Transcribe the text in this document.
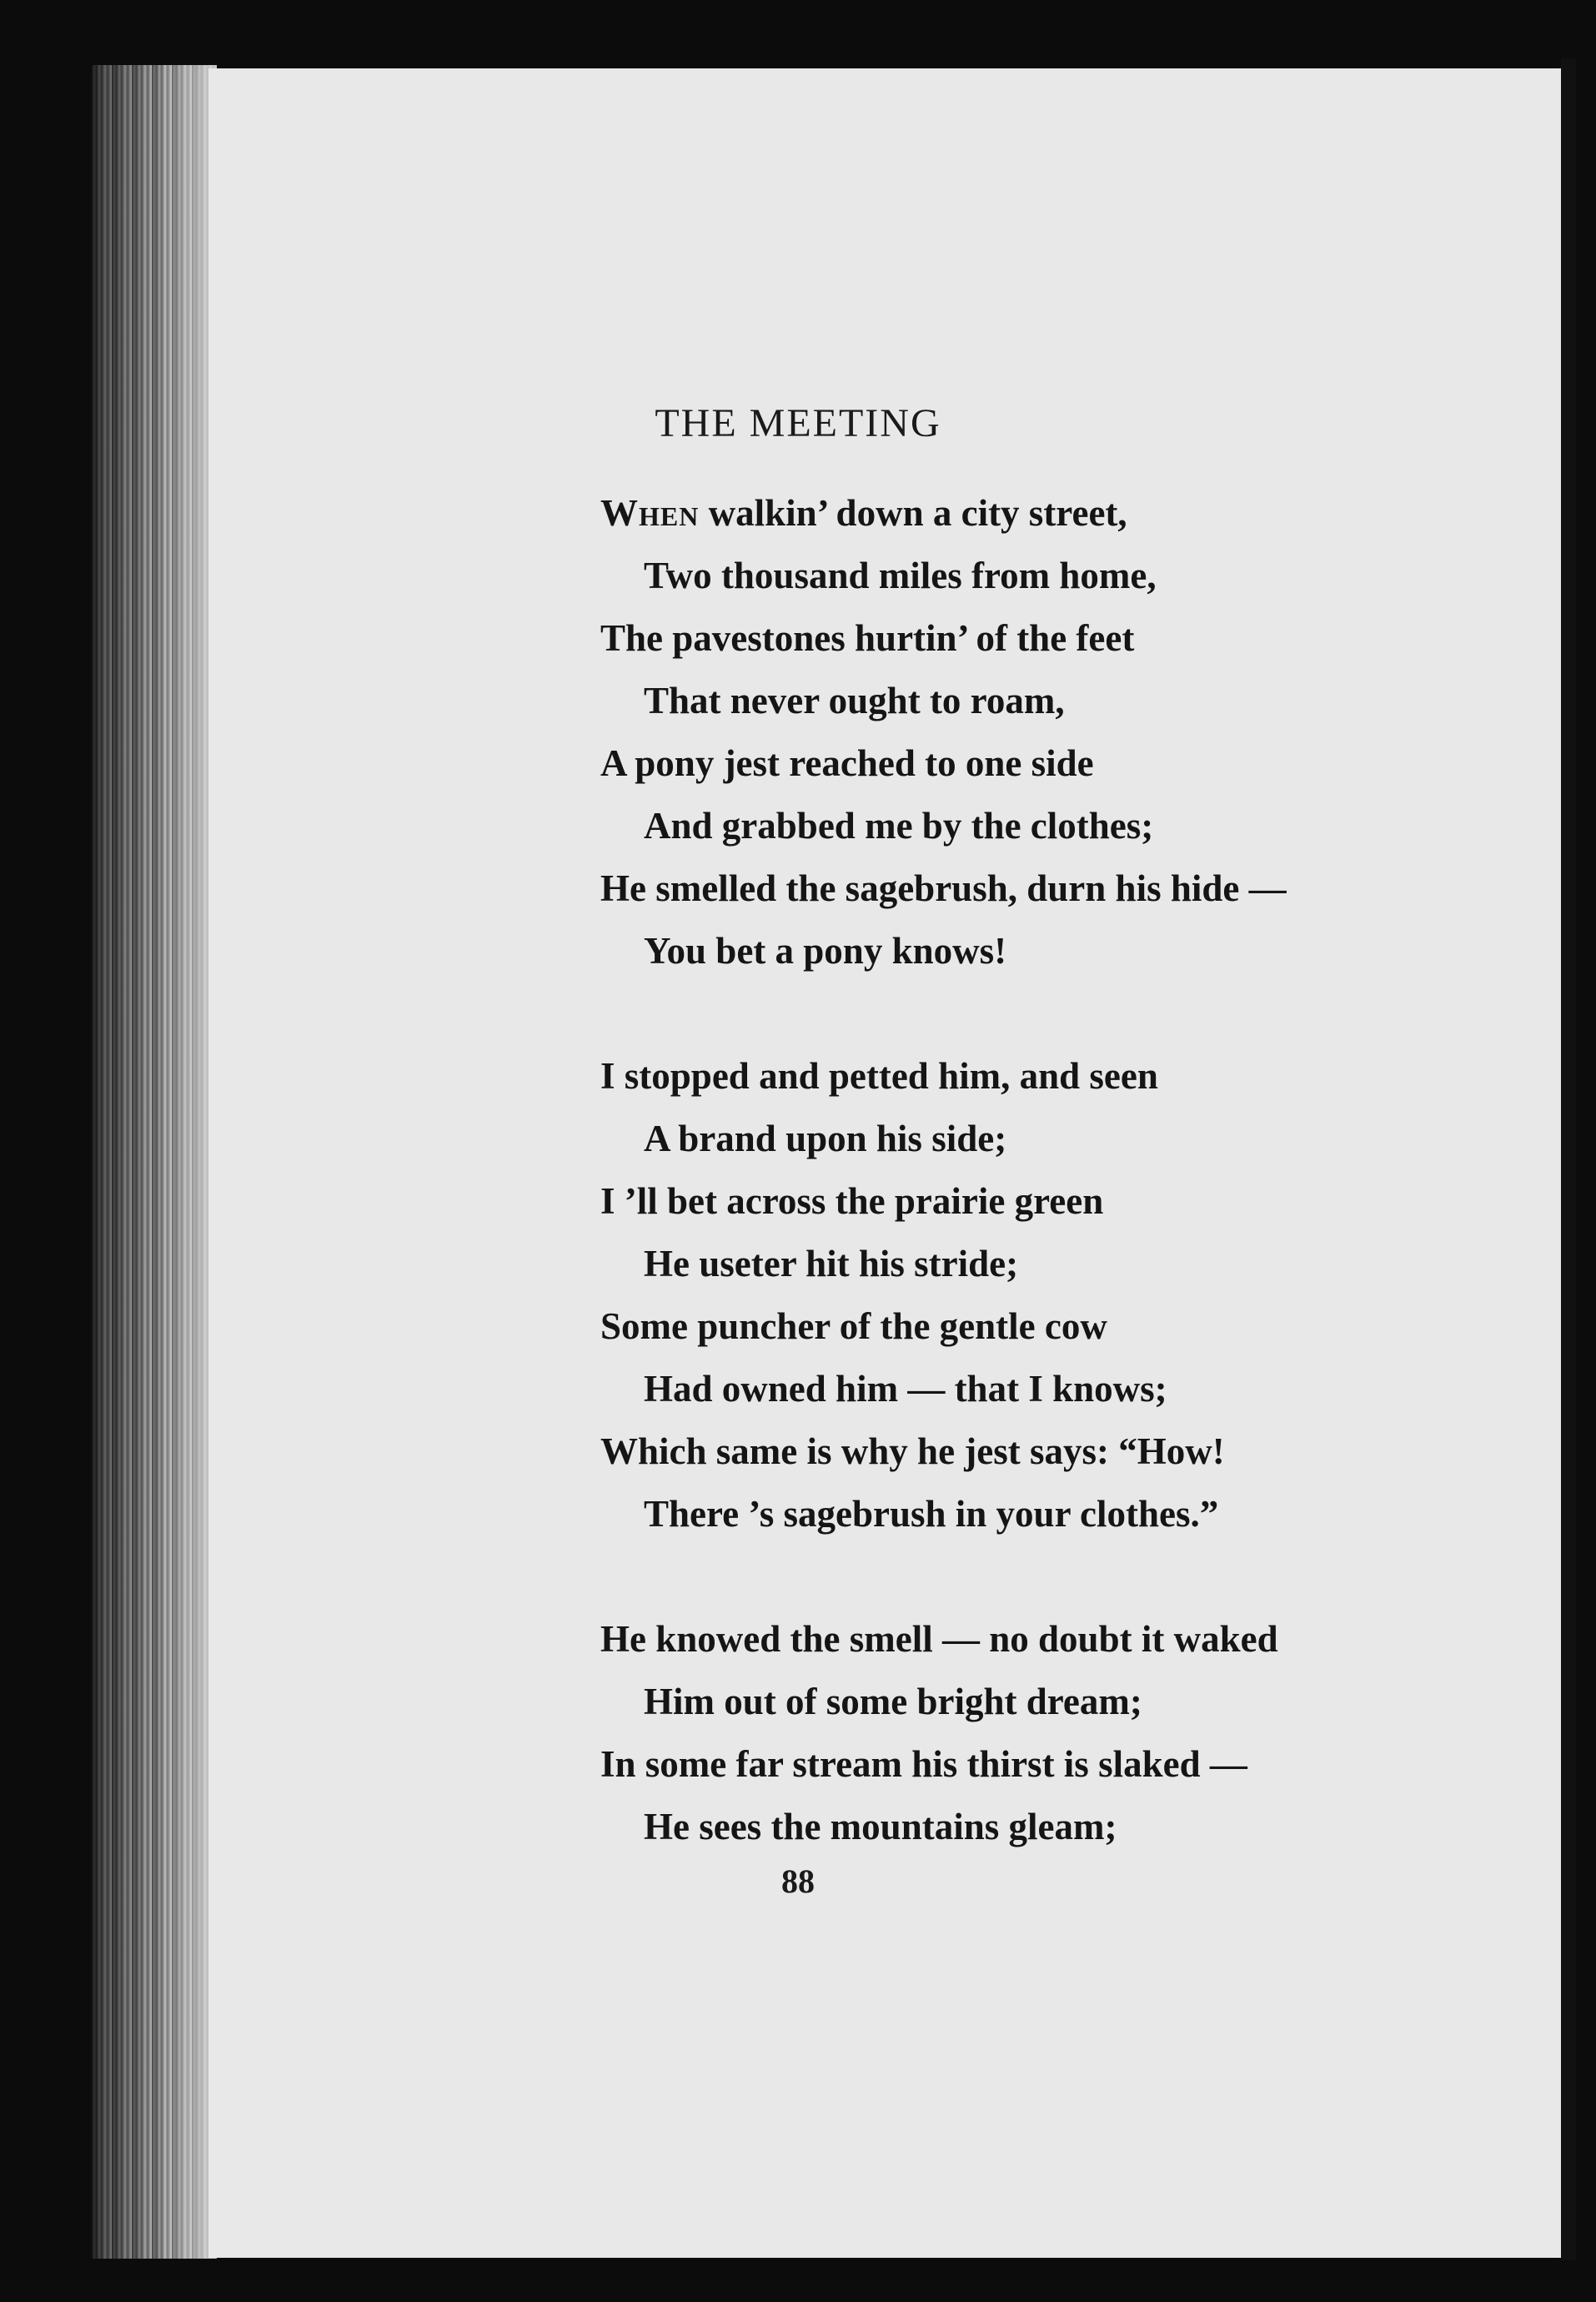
THE MEETING
When walkin’ down a city street,
Two thousand miles from home,
The pavestones hurtin’ of the feet
That never ought to roam,
A pony jest reached to one side
And grabbed me by the clothes;
He smelled the sagebrush, durn his hide —
You bet a pony knows!
I stopped and petted him, and seen
A brand upon his side;
I ’ll bet across the prairie green
He useter hit his stride;
Some puncher of the gentle cow
Had owned him — that I knows;
Which same is why he jest says: “How!
There ’s sagebrush in your clothes.”
He knowed the smell — no doubt it waked
Him out of some bright dream;
In some far stream his thirst is slaked —
He sees the mountains gleam;
88
